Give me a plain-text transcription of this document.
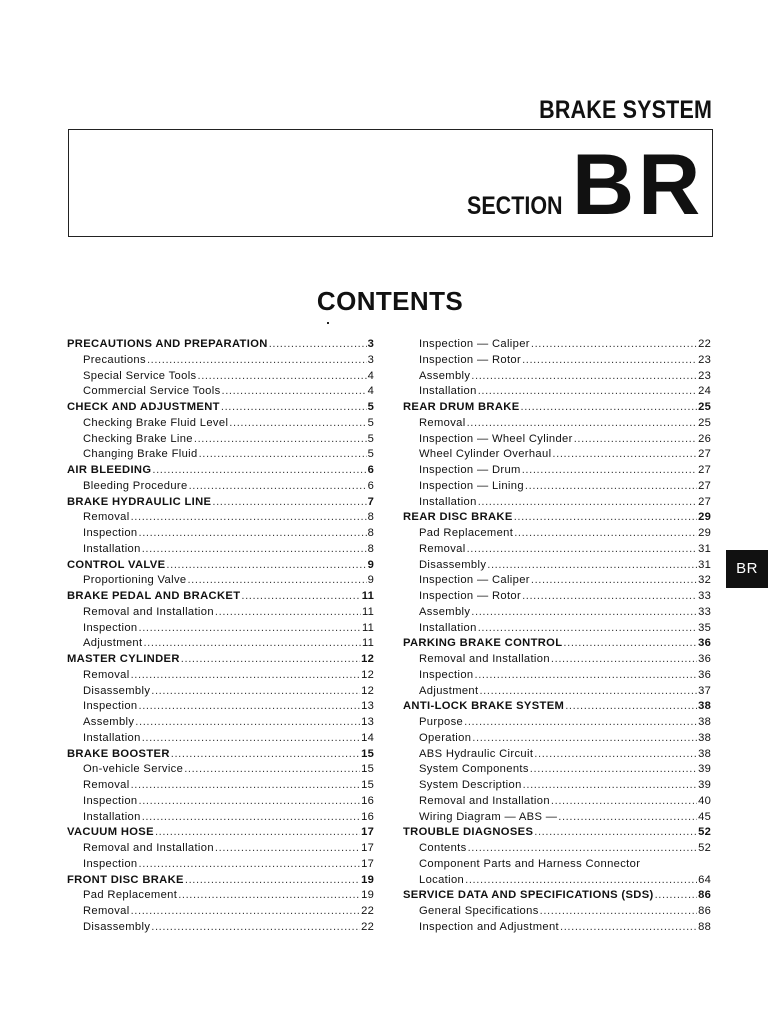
BRAKE SYSTEM
SECTION BR
CONTENTS
PRECAUTIONS AND PREPARATION .....	3
Precautions .....	3
Special Service Tools .....	4
Commercial Service Tools .....	4
CHECK AND ADJUSTMENT .....	5
Checking Brake Fluid Level .....	5
Checking Brake Line .....	5
Changing Brake Fluid .....	5
AIR BLEEDING .....	6
Bleeding Procedure .....	6
BRAKE HYDRAULIC LINE .....	7
Removal .....	8
Inspection .....	8
Installation .....	8
CONTROL VALVE .....	9
Proportioning Valve .....	9
BRAKE PEDAL AND BRACKET .....	11
Removal and Installation .....	11
Inspection .....	11
Adjustment .....	11
MASTER CYLINDER .....	12
Removal .....	12
Disassembly .....	12
Inspection .....	13
Assembly .....	13
Installation .....	14
BRAKE BOOSTER .....	15
On-vehicle Service .....	15
Removal .....	15
Inspection .....	16
Installation .....	16
VACUUM HOSE .....	17
Removal and Installation .....	17
Inspection .....	17
FRONT DISC BRAKE .....	19
Pad Replacement .....	19
Removal .....	22
Disassembly .....	22
Inspection — Caliper .....	22
Inspection — Rotor .....	23
Assembly .....	23
Installation .....	24
REAR DRUM BRAKE .....	25
Removal .....	25
Inspection — Wheel Cylinder .....	26
Wheel Cylinder Overhaul .....	27
Inspection — Drum .....	27
Inspection — Lining .....	27
Installation .....	27
REAR DISC BRAKE .....	29
Pad Replacement .....	29
Removal .....	31
Disassembly .....	31
Inspection — Caliper .....	32
Inspection — Rotor .....	33
Assembly .....	33
Installation .....	35
PARKING BRAKE CONTROL .....	36
Removal and Installation .....	36
Inspection .....	36
Adjustment .....	37
ANTI-LOCK BRAKE SYSTEM .....	38
Purpose .....	38
Operation .....	38
ABS Hydraulic Circuit .....	38
System Components .....	39
System Description .....	39
Removal and Installation .....	40
Wiring Diagram — ABS — .....	45
TROUBLE DIAGNOSES .....	52
Contents .....	52
Component Parts and Harness Connector
Location .....	64
SERVICE DATA AND SPECIFICATIONS (SDS) .....	86
General Specifications .....	86
Inspection and Adjustment .....	88
BR
